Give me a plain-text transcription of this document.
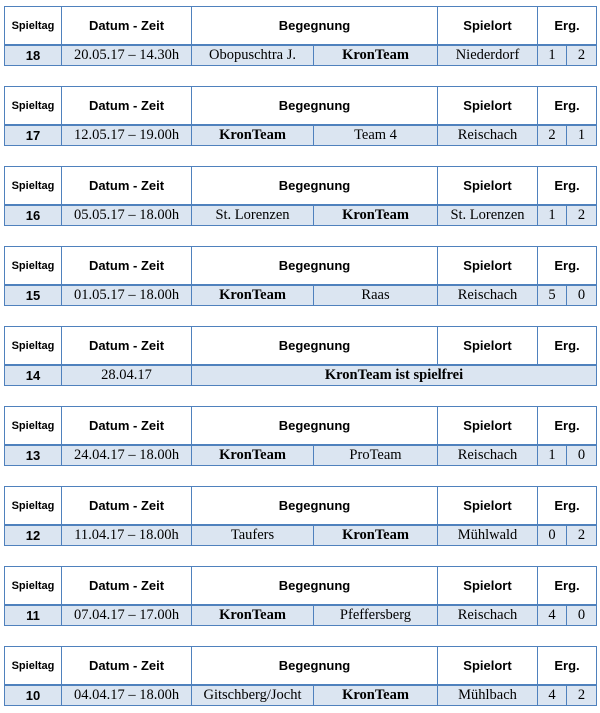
Spieltag	Datum - Zeit	Begegnung		Spielort	Erg.	
18	20.05.17 – 14.30h	Obopuschtra J.	KronTeam	Niederdorf	1	2
Spieltag	Datum - Zeit	Begegnung		Spielort	Erg.	
17	12.05.17 – 19.00h	KronTeam	Team 4	Reischach	2	1
Spieltag	Datum - Zeit	Begegnung		Spielort	Erg.	
16	05.05.17 – 18.00h	St. Lorenzen	KronTeam	St. Lorenzen	1	2
Spieltag	Datum - Zeit	Begegnung		Spielort	Erg.	
15	01.05.17 – 18.00h	KronTeam	Raas	Reischach	5	0
Spieltag	Datum - Zeit	Begegnung	Spielort	Erg.
14	28.04.17	KronTeam ist spielfrei		
Spieltag	Datum - Zeit	Begegnung		Spielort	Erg.	
13	24.04.17 – 18.00h	KronTeam	ProTeam	Reischach	1	0
Spieltag	Datum - Zeit	Begegnung		Spielort	Erg.	
12	11.04.17 – 18.00h	Taufers	KronTeam	Mühlwald	0	2
Spieltag	Datum - Zeit	Begegnung		Spielort	Erg.	
11	07.04.17 – 17.00h	KronTeam	Pfeffersberg	Reischach	4	0
Spieltag	Datum - Zeit	Begegnung		Spielort	Erg.	
10	04.04.17 – 18.00h	Gitschberg/Jocht	KronTeam	Mühlbach	4	2
